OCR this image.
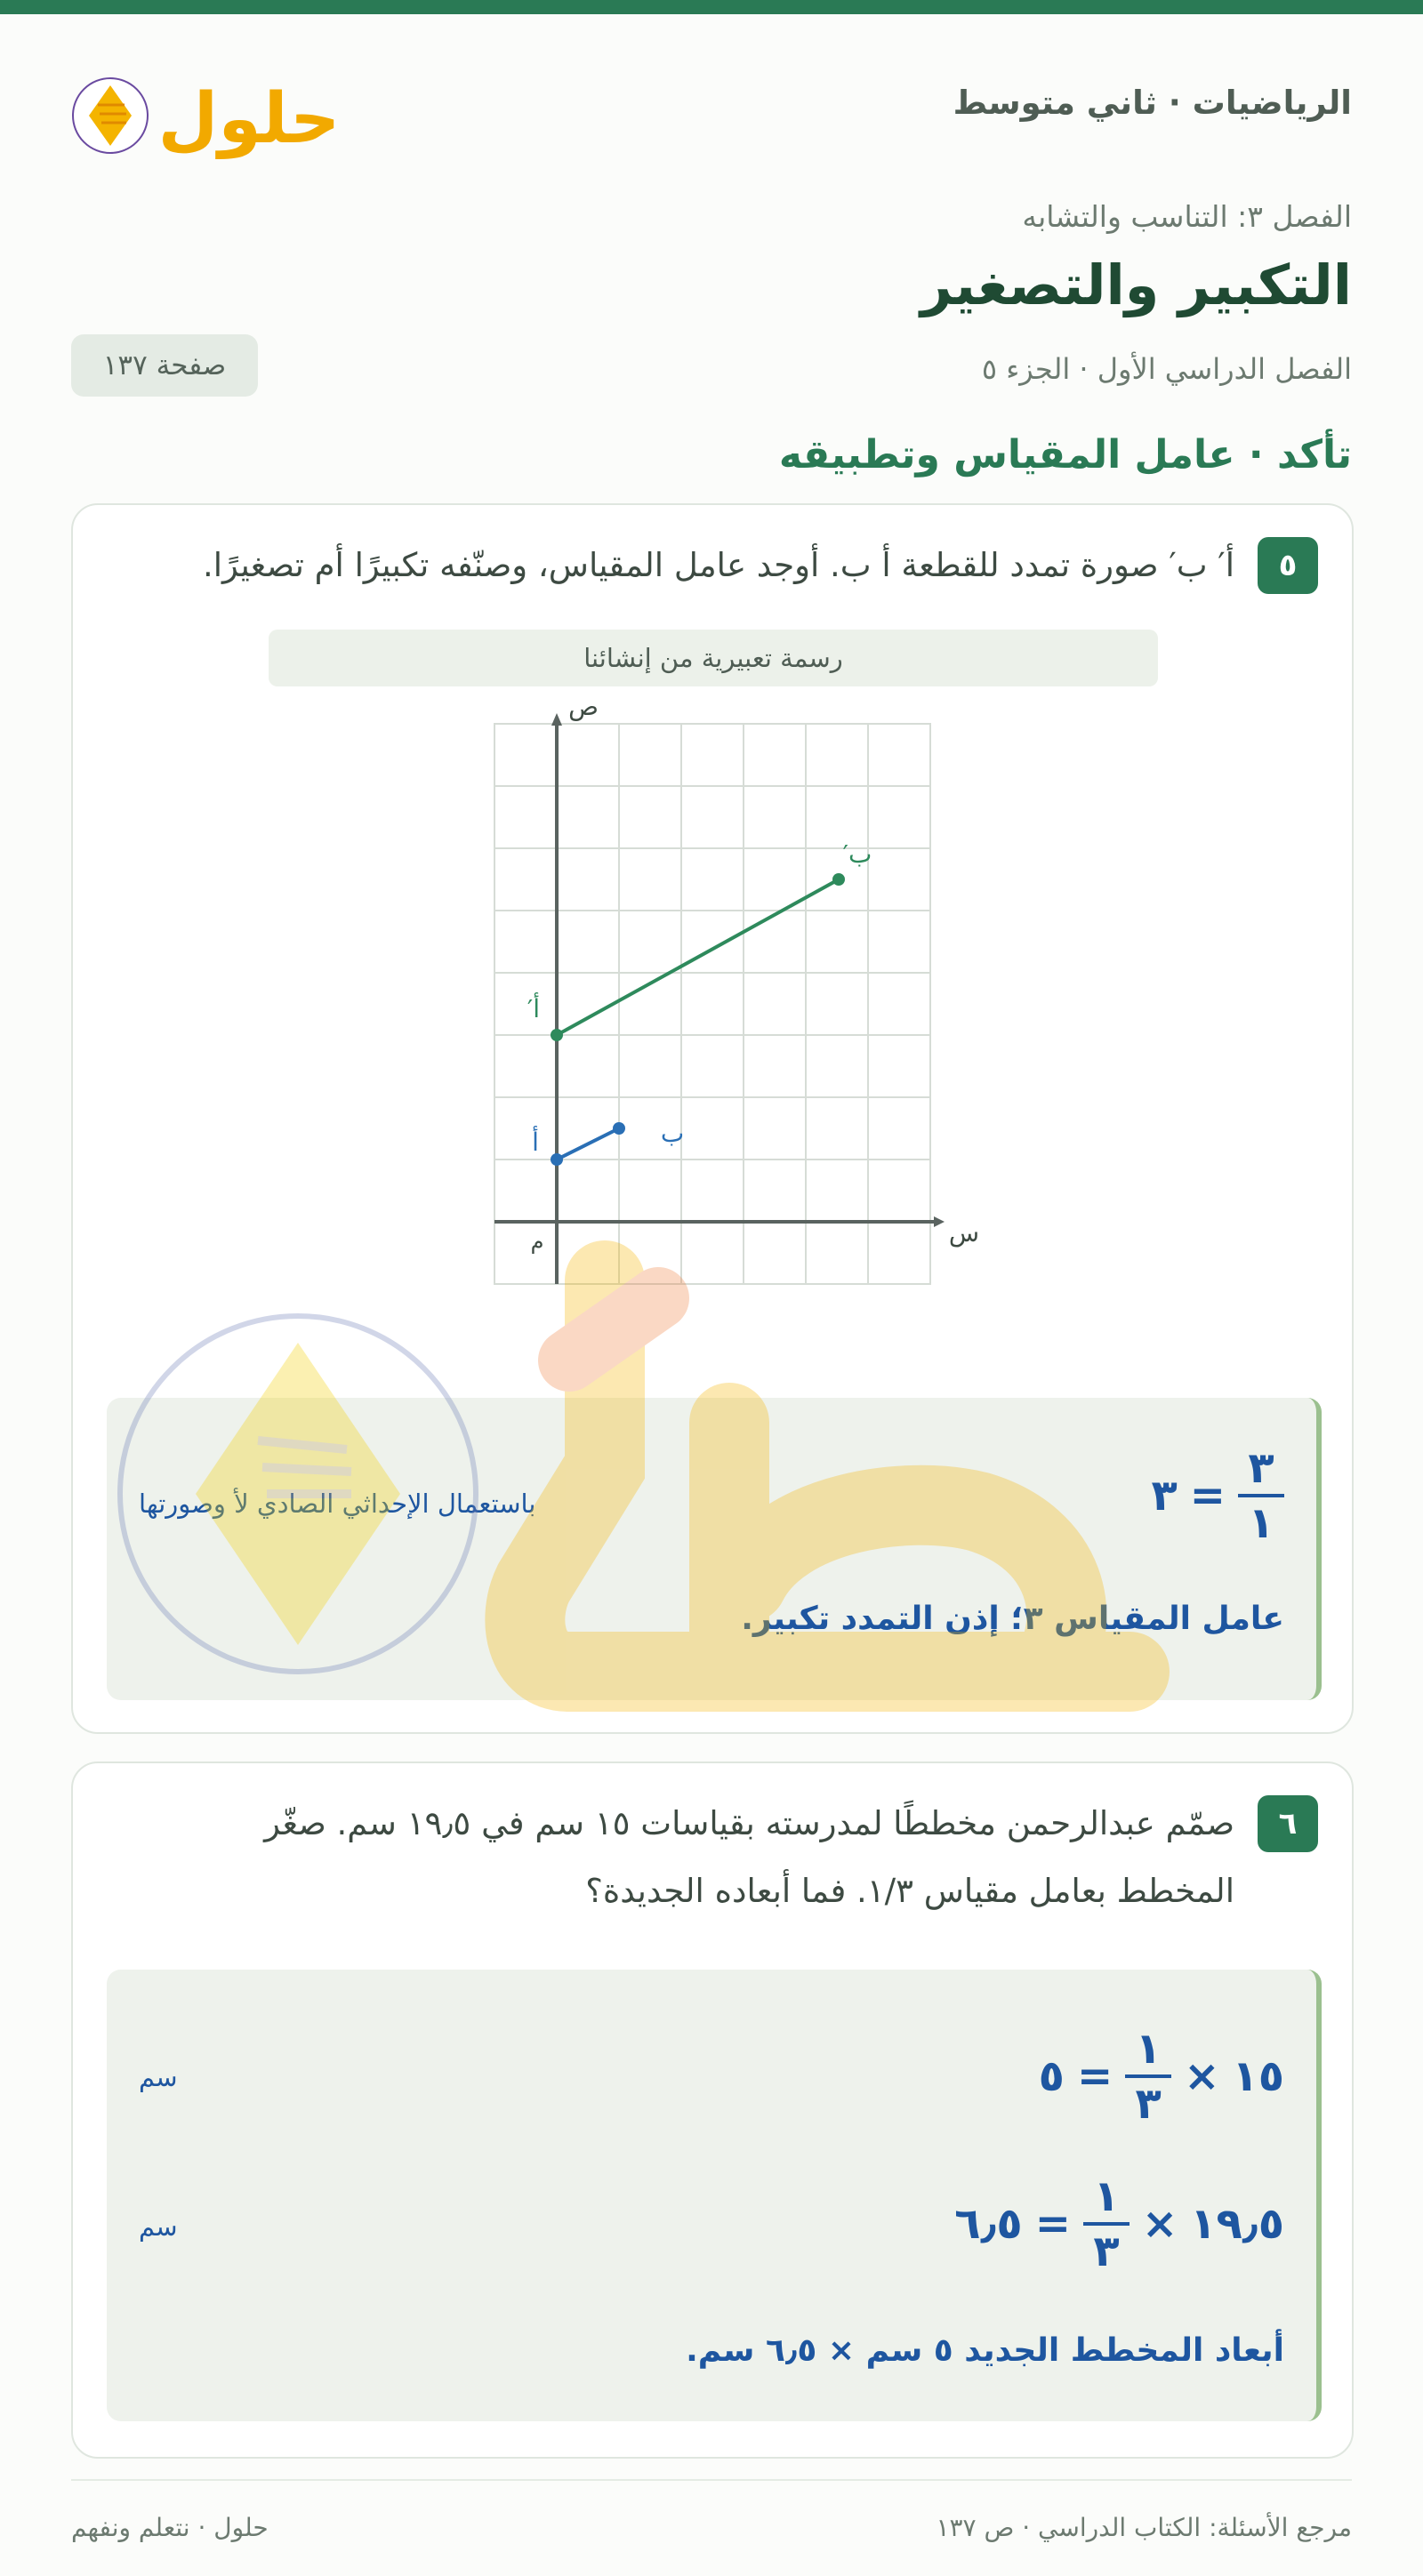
الرياضيات · ثاني متوسط
حلول
الفصل ٣: التناسب والتشابه
التكبير والتصغير
الفصل الدراسي الأول · الجزء ٥
صفحة ١٣٧
تأكد · عامل المقياس وتطبيقه
٥
أ′ ب′ صورة تمدد للقطعة أ ب. أوجد عامل المقياس، وصنّفه تكبيرًا أم تصغيرًا.
رسمة تعبيرية من إنشائنا
س
ص
م
أ	ب
أ′
ب′
$\frac{٣}{١}$
=
٣
باستعمال الإحداثي الصادي لأ وصورتها
عامل المقياس ٣؛ إذن التمدد تكبير.
٦
صمّم عبدالرحمن مخططًا لمدرسته بقياسات ١٥ سم في ١٩٫٥ سم. صغّر
المخطط بعامل مقياس ١/٣. فما أبعاده الجديدة؟
١٥
×
$\frac{١}{٣}$
=
٥
سم
١٩٫٥
×
$\frac{١}{٣}$
=
٦٫٥
سم
أبعاد المخطط الجديد ٥ سم × ٦٫٥ سم.
مرجع الأسئلة: الكتاب الدراسي · ص ١٣٧
حلول · نتعلم ونفهم
